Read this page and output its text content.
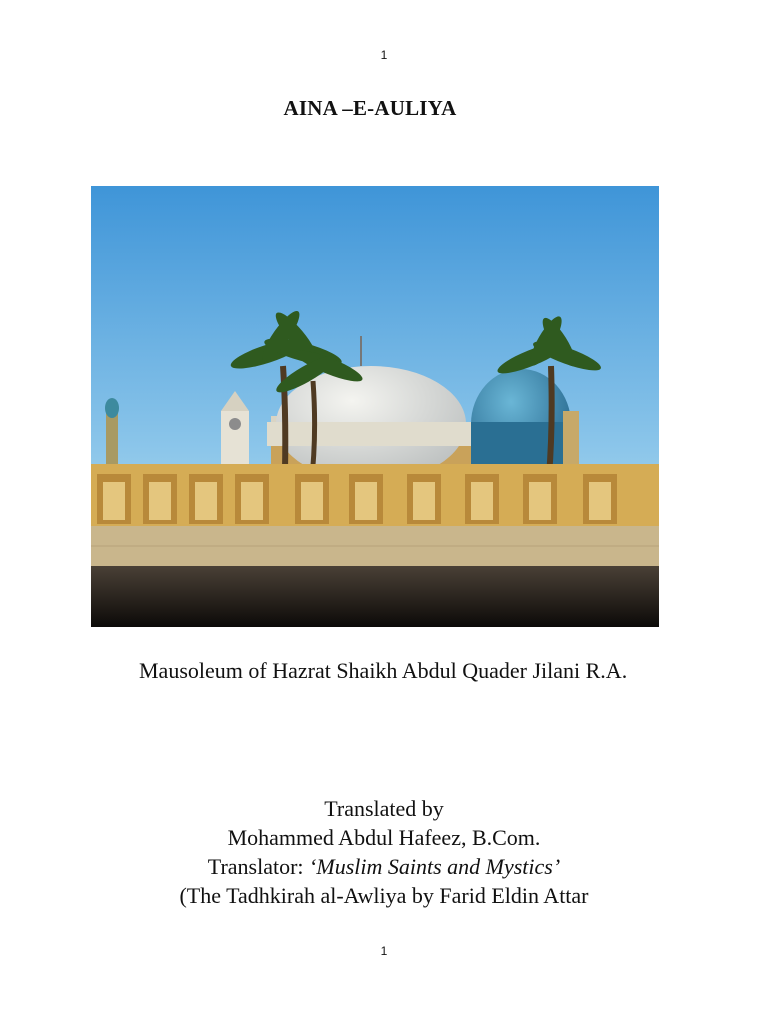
1
AINA –E-AULIYA
Mausoleum of Hazrat Shaikh Abdul Quader Jilani R.A.
Translated by
Mohammed Abdul Hafeez, B.Com.
Translator: ‘Muslim Saints and Mystics’
(The Tadhkirah al-Awliya by Farid Eldin Attar
1
